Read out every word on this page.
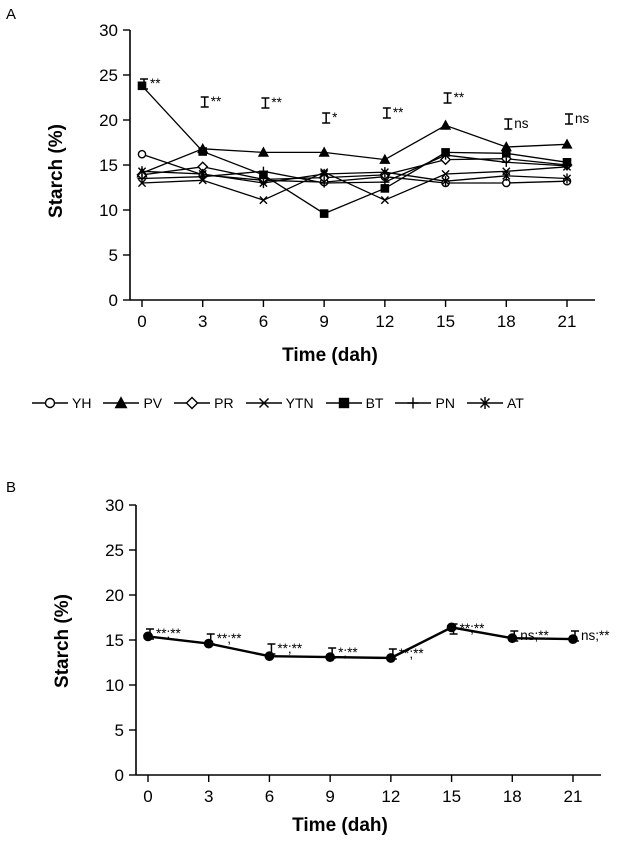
A
Starch (%)
0
5
10
15
20
25
30
0	3	6	9	12 15 18 21
**
**	**
*	**
**
ns	ns
Time (dah)
YH	PV	PR	YTN	BT	PN	AT
B
Starch (%)
0
5
10
15
20
25
30
0	3	6	9	12 15 18 21
**;**	**;**
**;**	*;**	**;**
**;**	ns;** ns;**
Time (dah)
